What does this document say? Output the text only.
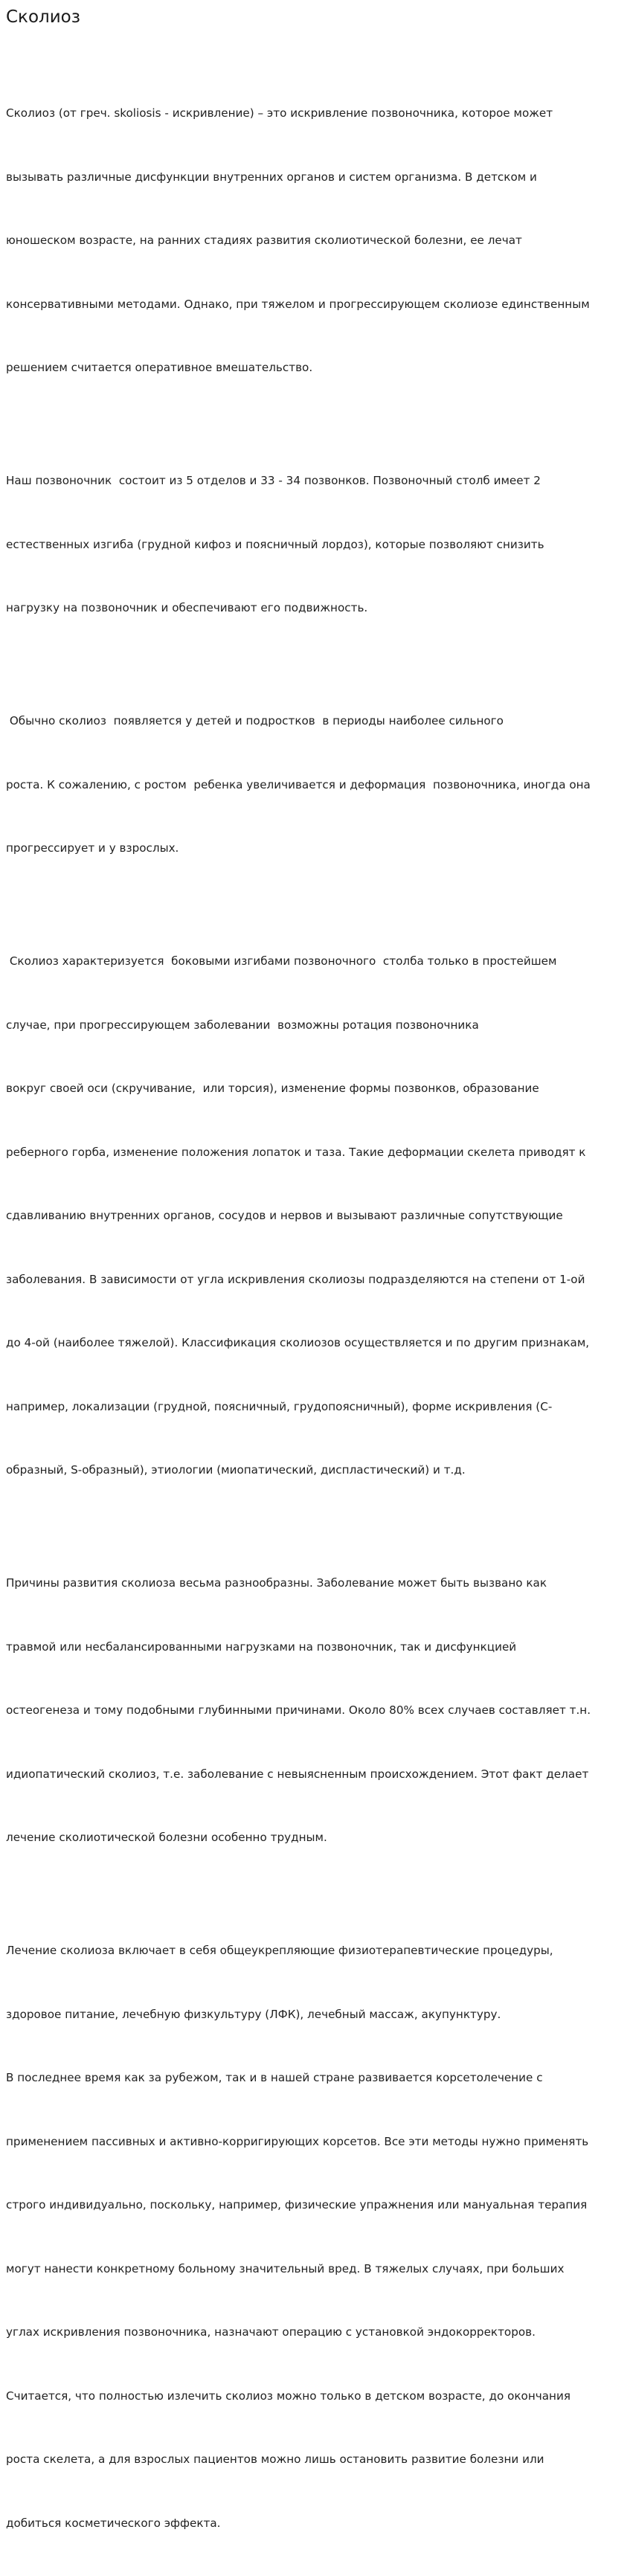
Сколиоз

Сколиоз (от греч. skoliosis - искривление) – это искривление позвоночника, которое может

вызывать различные дисфункции внутренних органов и систем организма. В детском и

юношеском возрасте, на ранних стадиях развития сколиотической болезни, ее лечат

консервативными методами. Однако, при тяжелом и прогрессирующем сколиозе единственным

решением считается оперативное вмешательство.

Наш позвоночник  состоит из 5 отделов и 33 - 34 позвонков. Позвоночный столб имеет 2

естественных изгиба (грудной кифоз и поясничный лордоз), которые позволяют снизить

нагрузку на позвоночник и обеспечивают его подвижность.

Обычно сколиоз  появляется у детей и подростков  в периоды наиболее сильного

роста. К сожалению, с ростом  ребенка увеличивается и деформация  позвоночника, иногда она

прогрессирует и у взрослых.

Сколиоз характеризуется  боковыми изгибами позвоночного  столба только в простейшем

случае, при прогрессирующем заболевании  возможны ротация позвоночника

вокруг своей оси (скручивание,  или торсия), изменение формы позвонков, образование

реберного горба, изменение положения лопаток и таза. Такие деформации скелета приводят к

сдавливанию внутренних органов, сосудов и нервов и вызывают различные сопутствующие

заболевания. В зависимости от угла искривления сколиозы подразделяются на степени от 1-ой

до 4-ой (наиболее тяжелой). Классификация сколиозов осуществляется и по другим признакам,

например, локализации (грудной, поясничный, грудопоясничный), форме искривления (С-

образный, S-образный), этиологии (миопатический, диспластический) и т.д.

Причины развития сколиоза весьма разнообразны. Заболевание может быть вызвано как

травмой или несбалансированными нагрузками на позвоночник, так и дисфункцией

остеогенеза и тому подобными глубинными причинами. Около 80% всех случаев составляет т.н.

идиопатический сколиоз, т.е. заболевание с невыясненным происхождением. Этот факт делает

лечение сколиотической болезни особенно трудным.

Лечение сколиоза включает в себя общеукрепляющие физиотерапевтические процедуры,

здоровое питание, лечебную физкультуру (ЛФК), лечебный массаж, акупунктуру.

В последнее время как за рубежом, так и в нашей стране развивается корсетолечение с

применением пассивных и активно-корригирующих корсетов. Все эти методы нужно применять

строго индивидуально, поскольку, например, физические упражнения или мануальная терапия

могут нанести конкретному больному значительный вред. В тяжелых случаях, при больших

углах искривления позвоночника, назначают операцию с установкой эндокорректоров.

Считается, что полностью излечить сколиоз можно только в детском возрасте, до окончания

роста скелета, а для взрослых пациентов можно лишь остановить развитие болезни или

добиться косметического эффекта.
